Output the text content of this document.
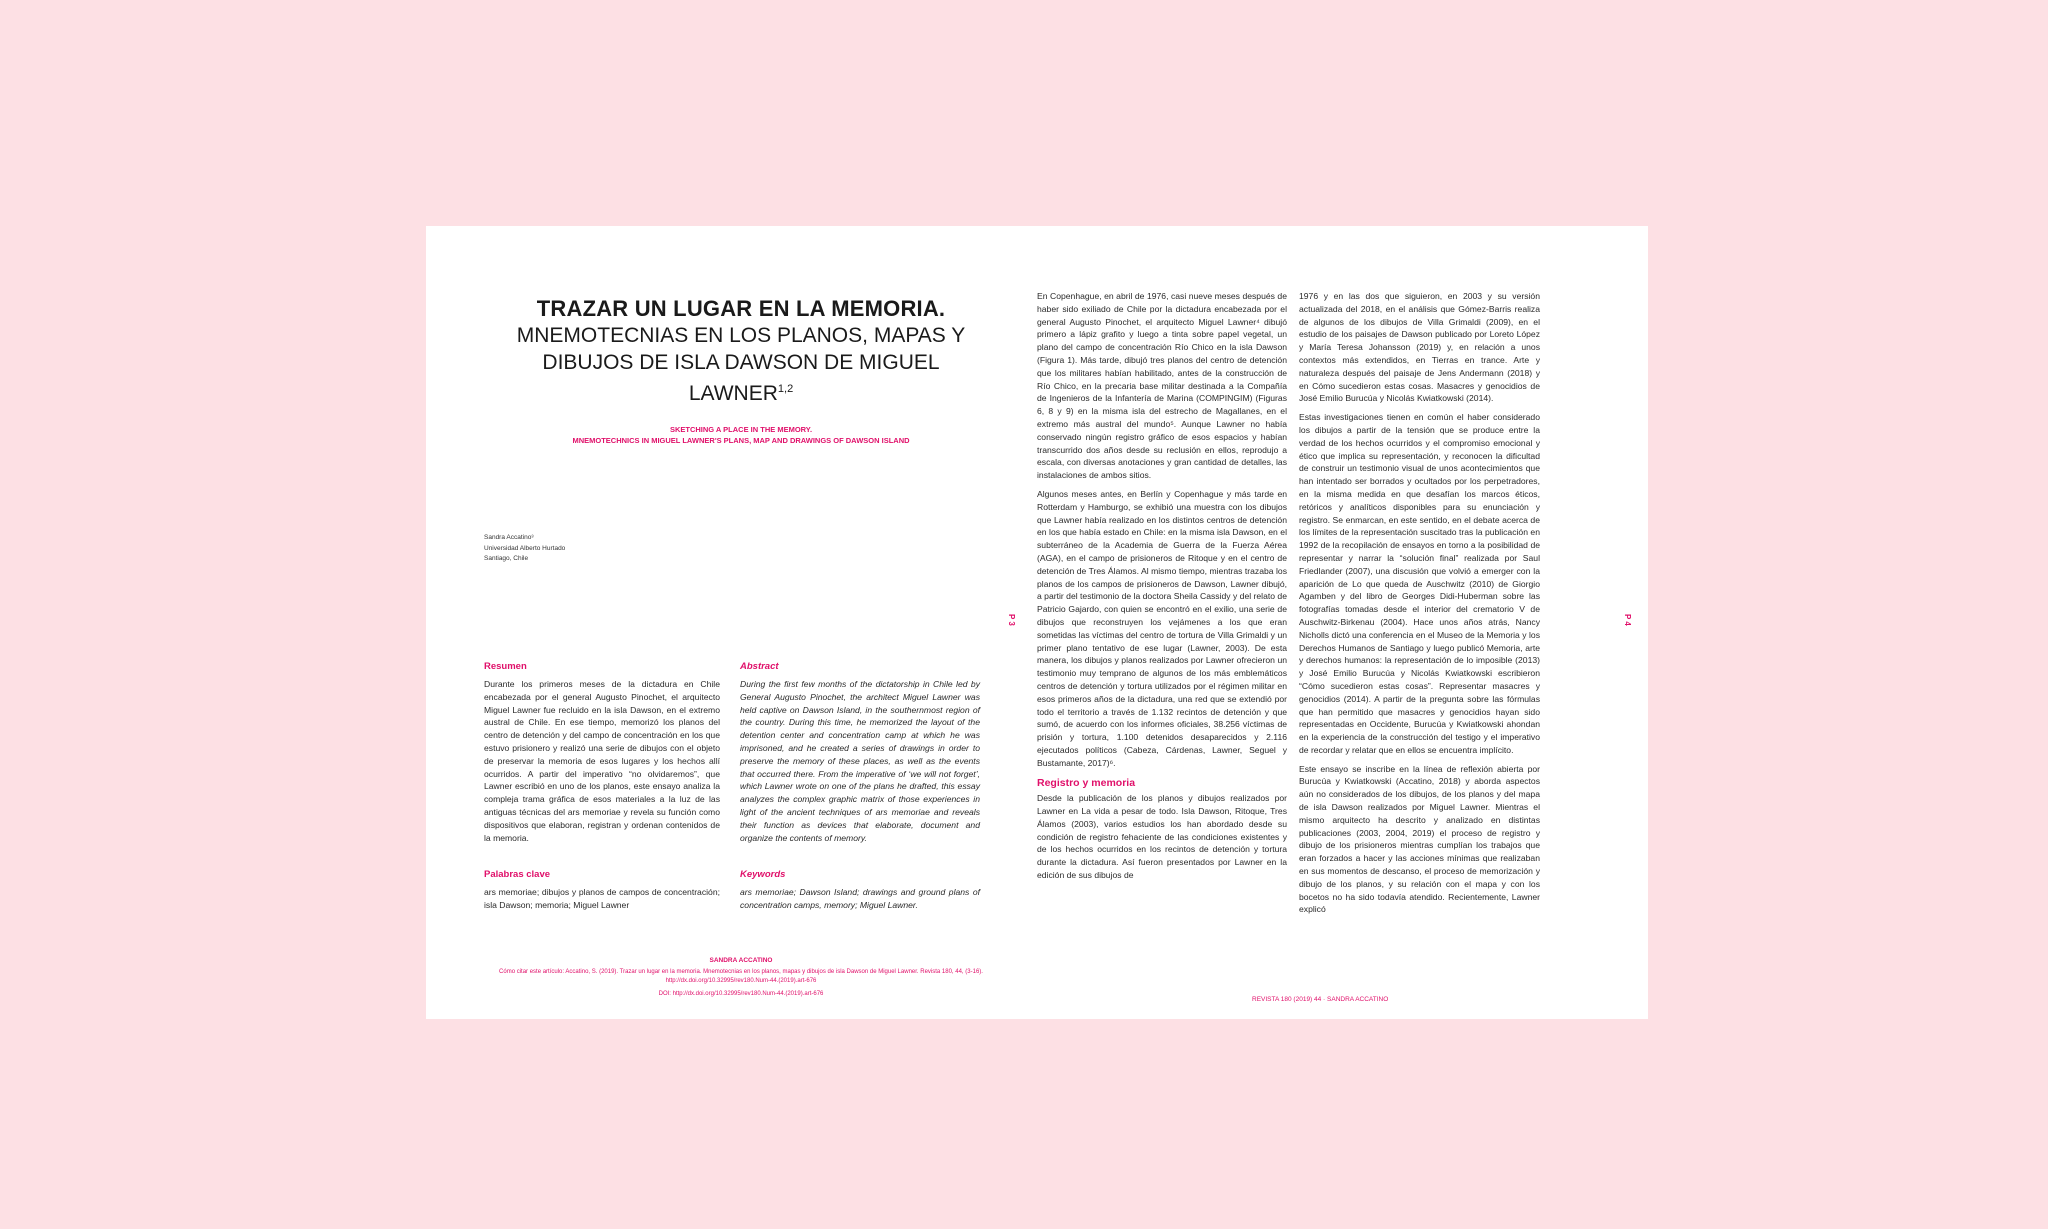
TRAZAR UN LUGAR EN LA MEMORIA.
MNEMOTECNIAS EN LOS PLANOS, MAPAS Y DIBUJOS DE ISLA DAWSON DE MIGUEL LAWNER$^{1,2}$
SKETCHING A PLACE IN THE MEMORY.
MNEMOTECHNICS IN MIGUEL LAWNER'S PLANS, MAP AND DRAWINGS OF DAWSON ISLAND
Sandra Accatino³
Universidad Alberto Hurtado
Santiago, Chile
Resumen
Durante los primeros meses de la dictadura en Chile encabezada por el general Augusto Pinochet, el arquitecto Miguel Lawner fue recluido en la isla Dawson, en el extremo austral de Chile. En ese tiempo, memorizó los planos del centro de detención y del campo de concentración en los que estuvo prisionero y realizó una serie de dibujos con el objeto de preservar la memoria de esos lugares y los hechos allí ocurridos. A partir del imperativo “no olvidaremos”, que Lawner escribió en uno de los planos, este ensayo analiza la compleja trama gráfica de esos materiales a la luz de las antiguas técnicas del ars memoriae y revela su función como dispositivos que elaboran, registran y ordenan contenidos de la memoria.
Abstract
During the first few months of the dictatorship in Chile led by General Augusto Pinochet, the architect Miguel Lawner was held captive on Dawson Island, in the southernmost region of the country. During this time, he memorized the layout of the detention center and concentration camp at which he was imprisoned, and he created a series of drawings in order to preserve the memory of these places, as well as the events that occurred there. From the imperative of ‘we will not forget’, which Lawner wrote on one of the plans he drafted, this essay analyzes the complex graphic matrix of those experiences in light of the ancient techniques of ars memoriae and reveals their function as devices that elaborate, document and organize the contents of memory.
Palabras clave
ars memoriae; dibujos y planos de campos de concentración; isla Dawson; memoria; Miguel Lawner
Keywords
ars memoriae; Dawson Island; drawings and ground plans of concentration camps, memory; Miguel Lawner.
P 3
SANDRA ACCATINO
Cómo citar este artículo: Accatino, S. (2019). Trazar un lugar en la memoria. Mnemotecnias en los planos, mapas y dibujos de isla Dawson de Miguel Lawner. Revista 180, 44, (3-16). http://dx.doi.org/10.32995/rev180.Num-44.(2019).art-676
DOI: http://dx.doi.org/10.32995/rev180.Num-44.(2019).art-676

En Copenhague, en abril de 1976, casi nueve meses después de haber sido exiliado de Chile por la dictadura encabezada por el general Augusto Pinochet, el arquitecto Miguel Lawner⁴ dibujó primero a lápiz grafito y luego a tinta sobre papel vegetal, un plano del campo de concentración Río Chico en la isla Dawson (Figura 1). Más tarde, dibujó tres planos del centro de detención que los militares habían habilitado, antes de la construcción de Río Chico, en la precaria base militar destinada a la Compañía de Ingenieros de la Infantería de Marina (COMPINGIM) (Figuras 6, 8 y 9) en la misma isla del estrecho de Magallanes, en el extremo más austral del mundo⁵. Aunque Lawner no había conservado ningún registro gráfico de esos espacios y habían transcurrido dos años desde su reclusión en ellos, reprodujo a escala, con diversas anotaciones y gran cantidad de detalles, las instalaciones de ambos sitios.

Algunos meses antes, en Berlín y Copenhague y más tarde en Rotterdam y Hamburgo, se exhibió una muestra con los dibujos que Lawner había realizado en los distintos centros de detención en los que había estado en Chile: en la misma isla Dawson, en el subterráneo de la Academia de Guerra de la Fuerza Aérea (AGA), en el campo de prisioneros de Ritoque y en el centro de detención de Tres Álamos. Al mismo tiempo, mientras trazaba los planos de los campos de prisioneros de Dawson, Lawner dibujó, a partir del testimonio de la doctora Sheila Cassidy y del relato de Patricio Gajardo, con quien se encontró en el exilio, una serie de dibujos que reconstruyen los vejámenes a los que eran sometidas las víctimas del centro de tortura de Villa Grimaldi y un primer plano tentativo de ese lugar (Lawner, 2003). De esta manera, los dibujos y planos realizados por Lawner ofrecieron un testimonio muy temprano de algunos de los más emblemáticos centros de detención y tortura utilizados por el régimen militar en esos primeros años de la dictadura, una red que se extendió por todo el territorio a través de 1.132 recintos de detención y que sumó, de acuerdo con los informes oficiales, 38.256 víctimas de prisión y tortura, 1.100 detenidos desaparecidos y 2.116 ejecutados políticos (Cabeza, Cárdenas, Lawner, Seguel y Bustamante, 2017)⁶.

Registro y memoria

Desde la publicación de los planos y dibujos realizados por Lawner en La vida a pesar de todo. Isla Dawson, Ritoque, Tres Álamos (2003), varios estudios los han abordado desde su condición de registro fehaciente de las condiciones existentes y de los hechos ocurridos en los recintos de detención y tortura durante la dictadura. Así fueron presentados por Lawner en la edición de sus dibujos de

1976 y en las dos que siguieron, en 2003 y su versión actualizada del 2018, en el análisis que Gómez-Barris realiza de algunos de los dibujos de Villa Grimaldi (2009), en el estudio de los paisajes de Dawson publicado por Loreto López y María Teresa Johansson (2019) y, en relación a unos contextos más extendidos, en Tierras en trance. Arte y naturaleza después del paisaje de Jens Andermann (2018) y en Cómo sucedieron estas cosas. Masacres y genocidios de José Emilio Burucúa y Nicolás Kwiatkowski (2014).

Estas investigaciones tienen en común el haber considerado los dibujos a partir de la tensión que se produce entre la verdad de los hechos ocurridos y el compromiso emocional y ético que implica su representación, y reconocen la dificultad de construir un testimonio visual de unos acontecimientos que han intentado ser borrados y ocultados por los perpetradores, en la misma medida en que desafían los marcos éticos, retóricos y analíticos disponibles para su enunciación y registro. Se enmarcan, en este sentido, en el debate acerca de los límites de la representación suscitado tras la publicación en 1992 de la recopilación de ensayos en torno a la posibilidad de representar y narrar la “solución final” realizada por Saul Friedlander (2007), una discusión que volvió a emerger con la aparición de Lo que queda de Auschwitz (2010) de Giorgio Agamben y del libro de Georges Didi-Huberman sobre las fotografías tomadas desde el interior del crematorio V de Auschwitz-Birkenau (2004). Hace unos años atrás, Nancy Nicholls dictó una conferencia en el Museo de la Memoria y los Derechos Humanos de Santiago y luego publicó Memoria, arte y derechos humanos: la representación de lo imposible (2013) y José Emilio Burucúa y Nicolás Kwiatkowski escribieron “Cómo sucedieron estas cosas”. Representar masacres y genocidios (2014). A partir de la pregunta sobre las fórmulas que han permitido que masacres y genocidios hayan sido representadas en Occidente, Burucúa y Kwiatkowski ahondan en la experiencia de la construcción del testigo y el imperativo de recordar y relatar que en ellos se encuentra implícito.

Este ensayo se inscribe en la línea de reflexión abierta por Burucúa y Kwiatkowski (Accatino, 2018) y aborda aspectos aún no considerados de los dibujos, de los planos y del mapa de isla Dawson realizados por Miguel Lawner. Mientras el mismo arquitecto ha descrito y analizado en distintas publicaciones (2003, 2004, 2019) el proceso de registro y dibujo de los prisioneros mientras cumplían los trabajos que eran forzados a hacer y las acciones mínimas que realizaban en sus momentos de descanso, el proceso de memorización y dibujo de los planos, y su relación con el mapa y con los bocetos no ha sido todavía atendido. Recientemente, Lawner explicó

P 4
REVISTA 180 (2019) 44 · SANDRA ACCATINO
